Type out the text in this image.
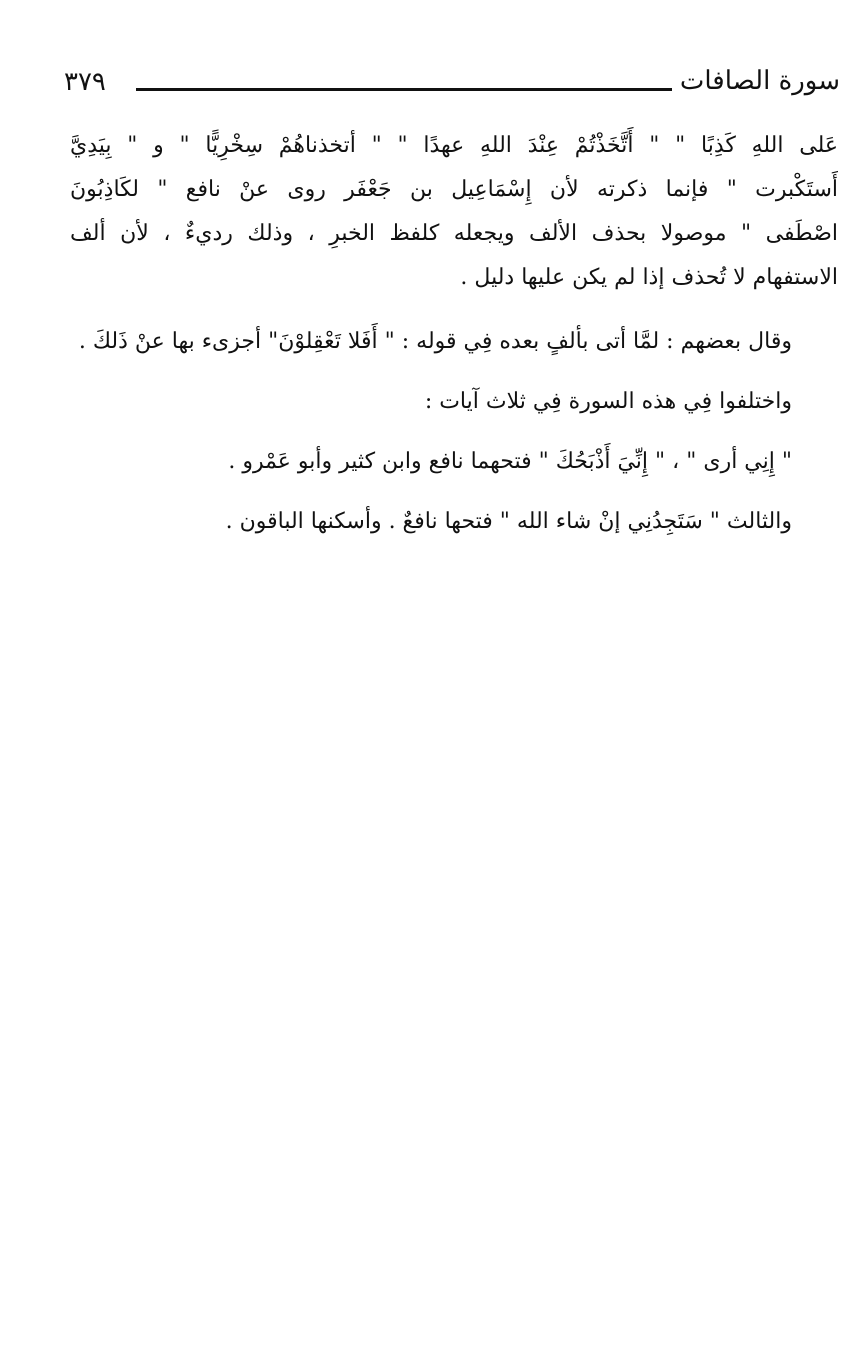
٣٧٩	سورة الصافات
عَلى اللهِ كَذِبًا " " أَتَّخَذْتُمْ عِنْدَ اللهِ عهدًا " " أتخذناهُمْ سِخْرِيًّا " و " بِيَدِيَّ
أَستَكْبرت " فإنما ذكرته لأن إِسْمَاعِيل بن جَعْفَر روى عنْ نافع " لكَاذِبُونَ
اصْطَفى " موصولا بحذف الألف ويجعله كلفظ الخبرِ ، وذلك رديءٌ ، لأن ألف
الاستفهام لا تُحذف إذا لم يكن عليها دليل .
وقال بعضهم : لمَّا أتى بألفٍ بعده فِي قوله : " أَفَلا تَعْقِلوْنَ" أجزىء بها عنْ ذَلكَ .
واختلفوا فِي هذه السورة فِي ثلاث آيات :
" إِنِي أرى " ، " إِنِّيَ أَذْبَحُكَ " فتحهما نافع وابن كثير وأبو عَمْرو .
والثالث " سَتَجِدُنِي إنْ شاء الله " فتحها نافعٌ . وأسكنها الباقون .
